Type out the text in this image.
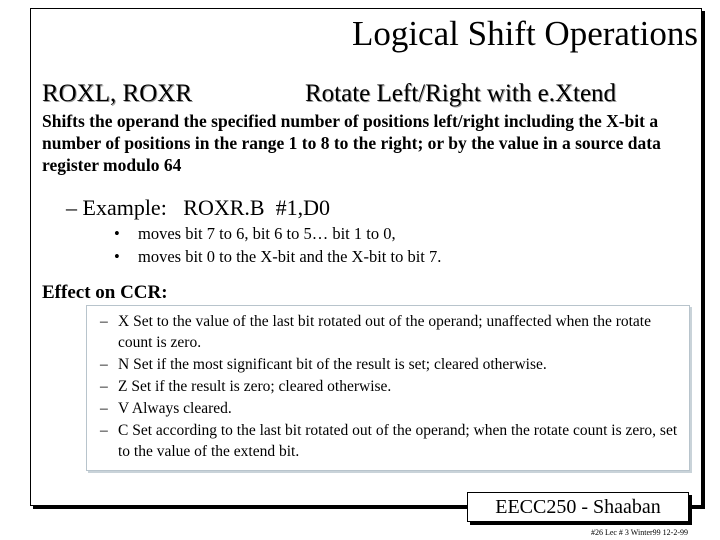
Logical Shift Operations
ROXL, ROXR	Rotate Left/Right with e.Xtend

Shifts the operand the specified number of positions left/right including the X-bit a number of positions in the range 1 to 8 to the right; or by the value in a source data register modulo 64

– Example:   ROXR.B  #1,D0
• moves bit 7 to 6, bit 6 to 5… bit 1 to 0,
• moves bit 0 to the X-bit and the X-bit to bit 7.

Effect on CCR:

– X Set to the value of the last bit rotated out of the operand; unaffected when the rotate count is zero.
– N Set if the most significant bit of the result is set; cleared otherwise.
– Z Set if the result is zero; cleared otherwise.
– V Always cleared.
– C Set according to the last bit rotated out of the operand; when the rotate count is zero, set to the value of the extend bit.
EECC250 - Shaaban
#26 Lec # 3 Winter99 12-2-99
